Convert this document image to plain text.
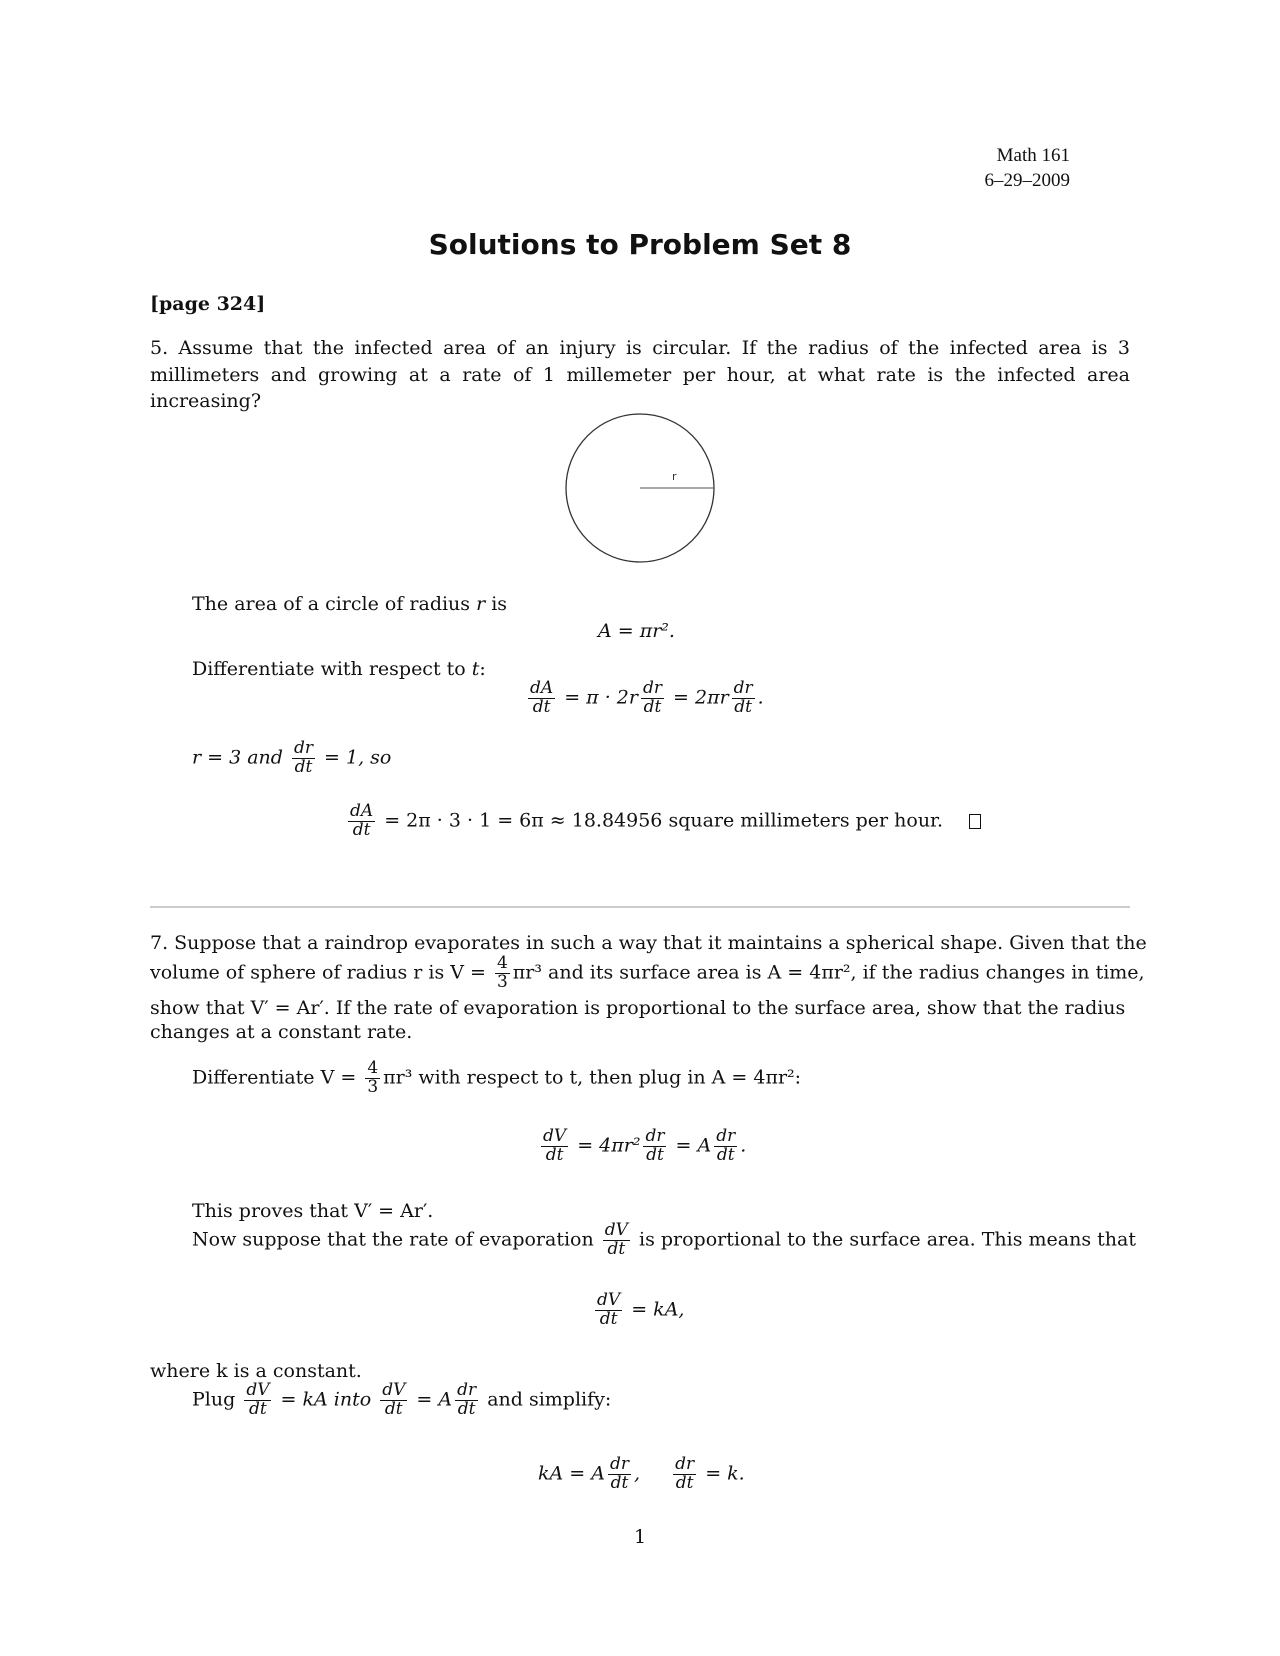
Math 161
6–29–2009
Solutions to Problem Set 8
[page 324]
5. Assume that the infected area of an injury is circular. If the radius of the infected area is 3 millimeters and growing at a rate of 1 millemeter per hour, at what rate is the infected area increasing?
r
The area of a circle of radius r is
A = πr².
Differentiate with respect to t:
$\frac{dA}{dt} = \pi \cdot 2r \frac{dr}{dt} = 2\pi r \frac{dr}{dt}$ .
r = 3 and $\frac{dr}{dt} = 1$, so
$\frac{dA}{dt} = 2\pi \cdot 3 \cdot 1 = 6\pi \approx 18.84956$ square millimeters per hour.
7. Suppose that a raindrop evaporates in such a way that it maintains a spherical shape. Given that the
volume of sphere of radius r is $V = \frac{4}{3} \pi r^3$ and its surface area is A = 4πr², if the radius changes in time,
show that V′ = Ar′. If the rate of evaporation is proportional to the surface area, show that the radius
changes at a constant rate.
Differentiate $V = \frac{4}{3} \pi r^3$ with respect to t, then plug in A = 4πr²:
$\frac{dV}{dt} = 4\pi r^2 \frac{dr}{dt} = A \frac{dr}{dt}$ .
This proves that V′ = Ar′.
Now suppose that the rate of evaporation $\frac{dV}{dt}$ is proportional to the surface area. This means that
$\frac{dV}{dt}$ = kA,
where k is a constant.
Plug $\frac{dV}{dt}$ = kA into $\frac{dV}{dt} = A \frac{dr}{dt}$ and simplify:
kA = A $\frac{dr}{dt}$ , $\frac{dr}{dt} = k$.
1
